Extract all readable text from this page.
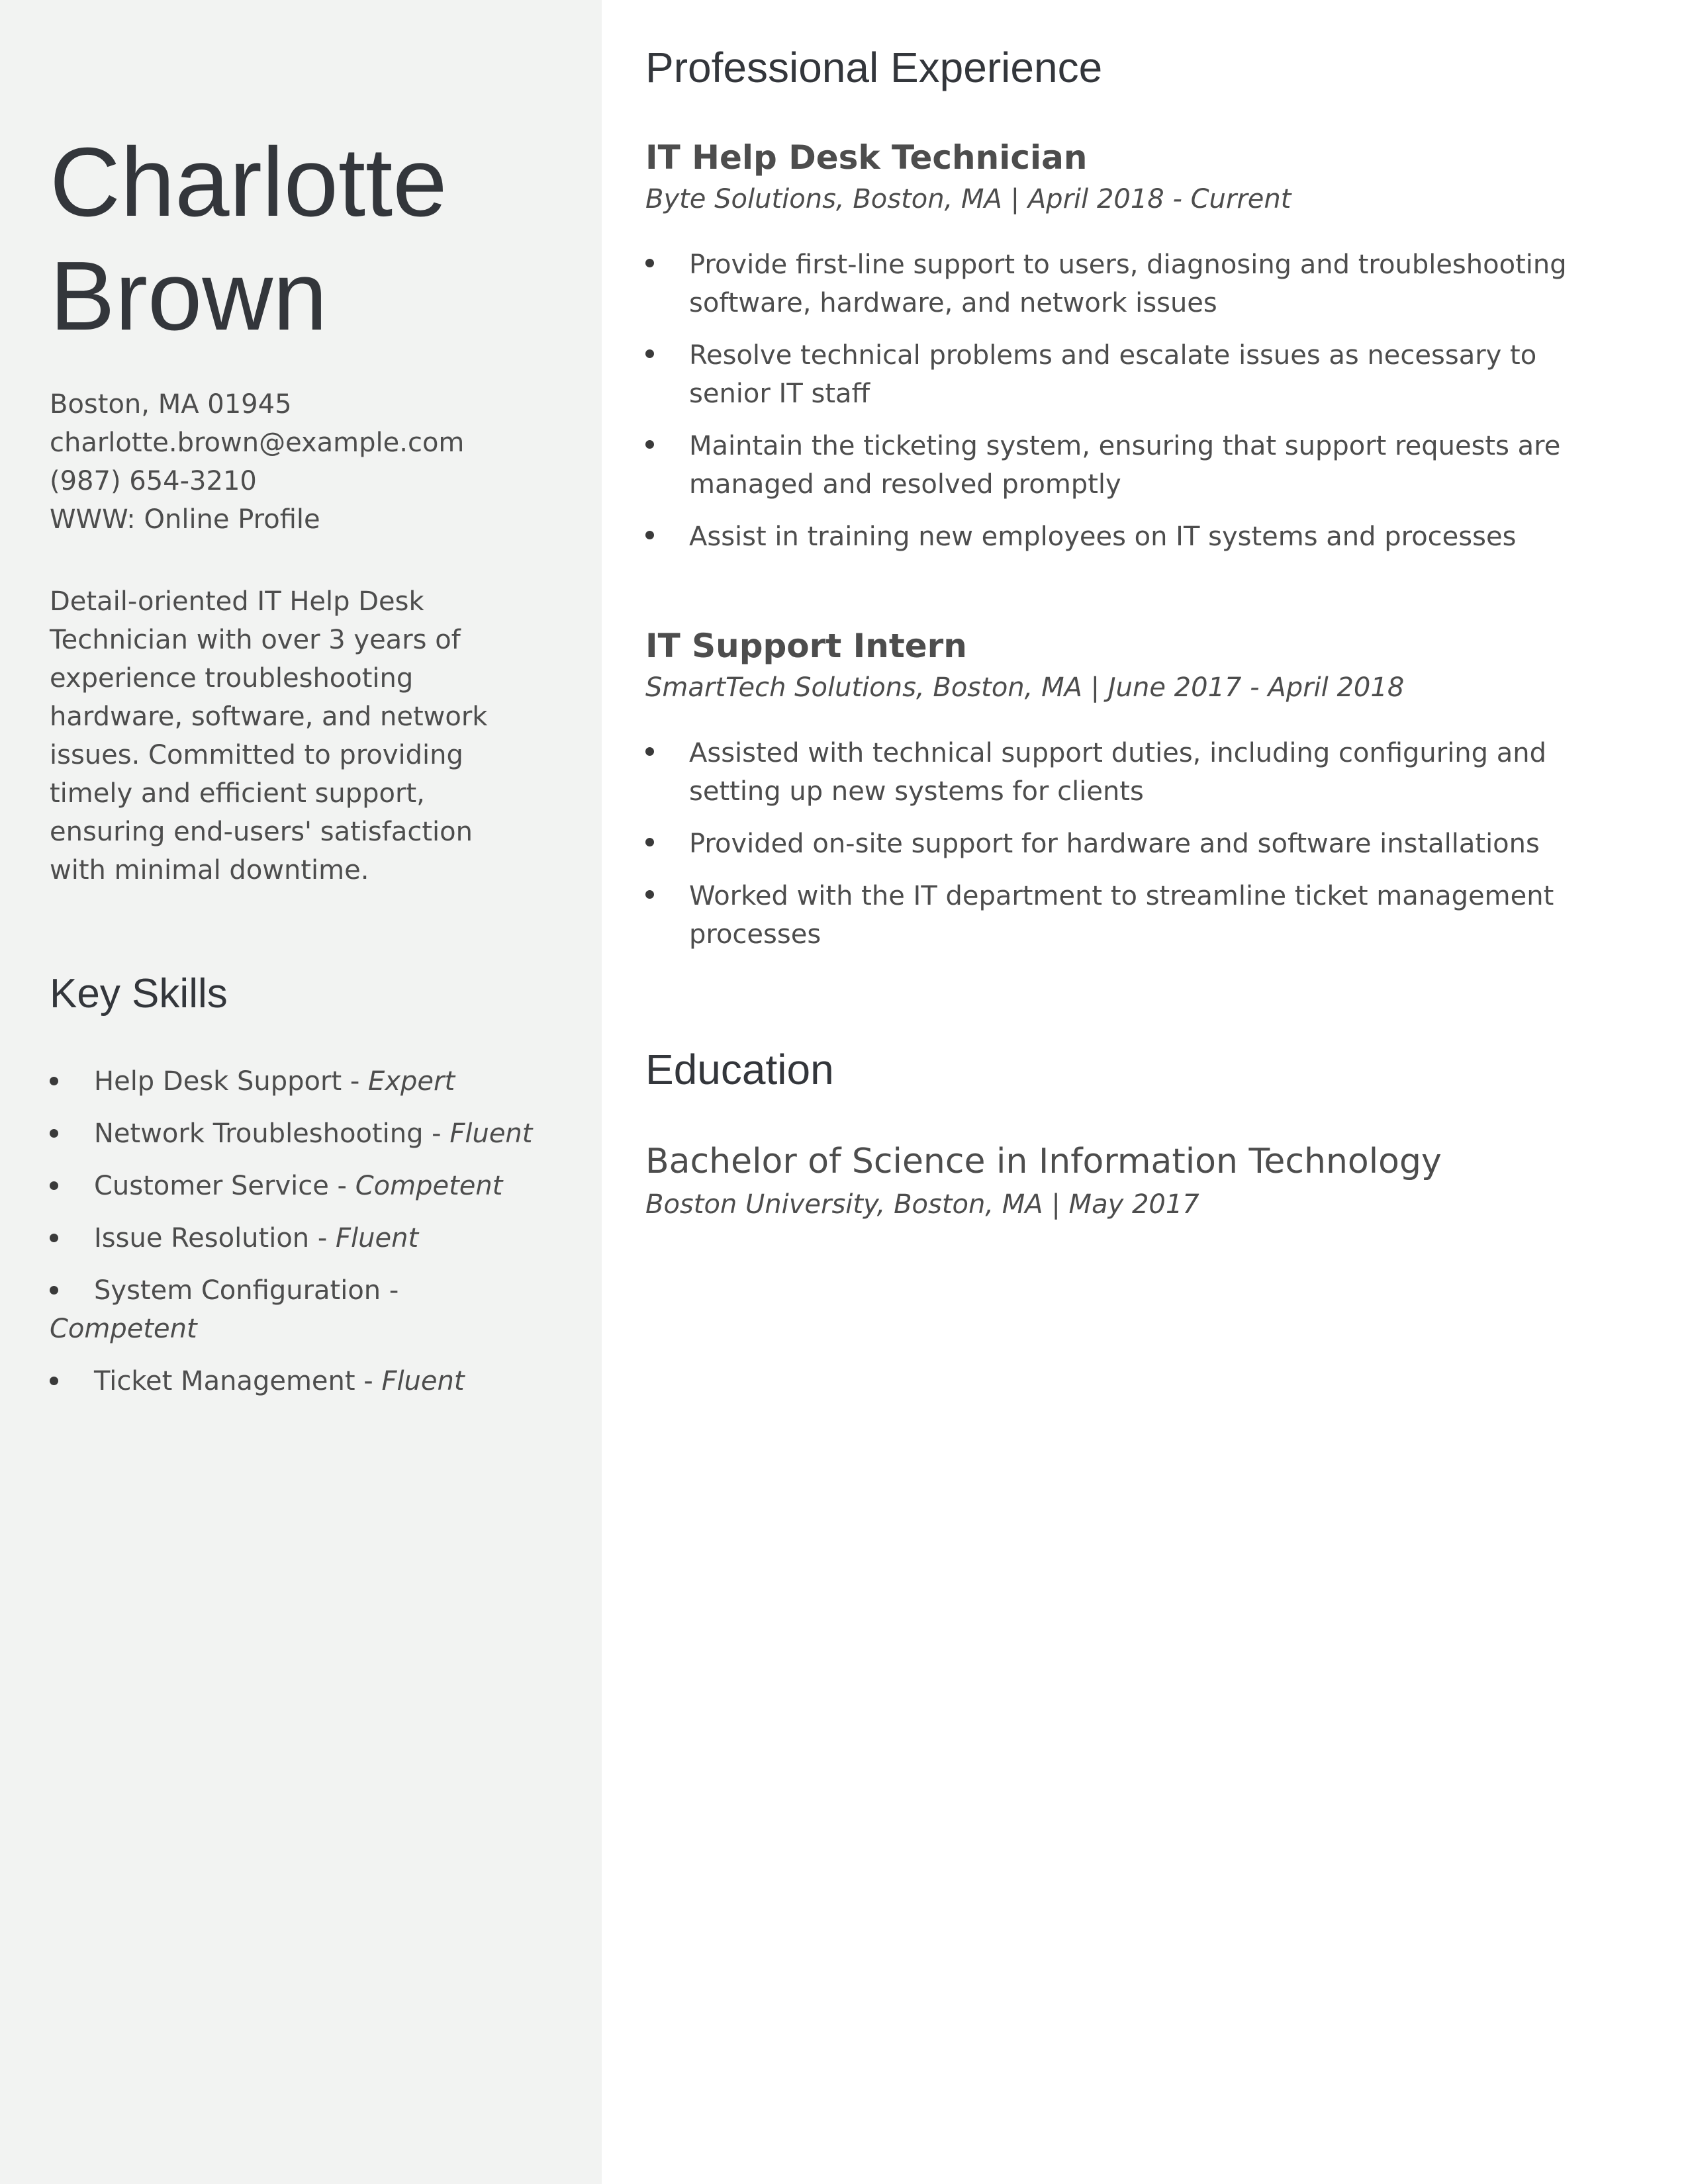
Charlotte
Brown
Boston, MA 01945
charlotte.brown@example.com
(987) 654-3210
WWW: Online Profile

Detail-oriented IT Help Desk Technician with over 3 years of experience troubleshooting hardware, software, and network issues. Committed to providing timely and efficient support, ensuring end-users' satisfaction with minimal downtime.

Key Skills
Help Desk Support - Expert
Network Troubleshooting - Fluent
Customer Service - Competent
Issue Resolution - Fluent
System Configuration - Competent
Ticket Management - Fluent
Professional Experience
IT Help Desk Technician

Byte Solutions, Boston, MA | April 2018 - Current

Provide first-line support to users, diagnosing and troubleshooting software, hardware, and network issues
Resolve technical problems and escalate issues as necessary to senior IT staff
Maintain the ticketing system, ensuring that support requests are managed and resolved promptly
Assist in training new employees on IT systems and processes
IT Support Intern

SmartTech Solutions, Boston, MA | June 2017 - April 2018

Assisted with technical support duties, including configuring and setting up new systems for clients
Provided on-site support for hardware and software installations
Worked with the IT department to streamline ticket management processes
Education
Bachelor of Science in Information Technology

Boston University, Boston, MA | May 2017
